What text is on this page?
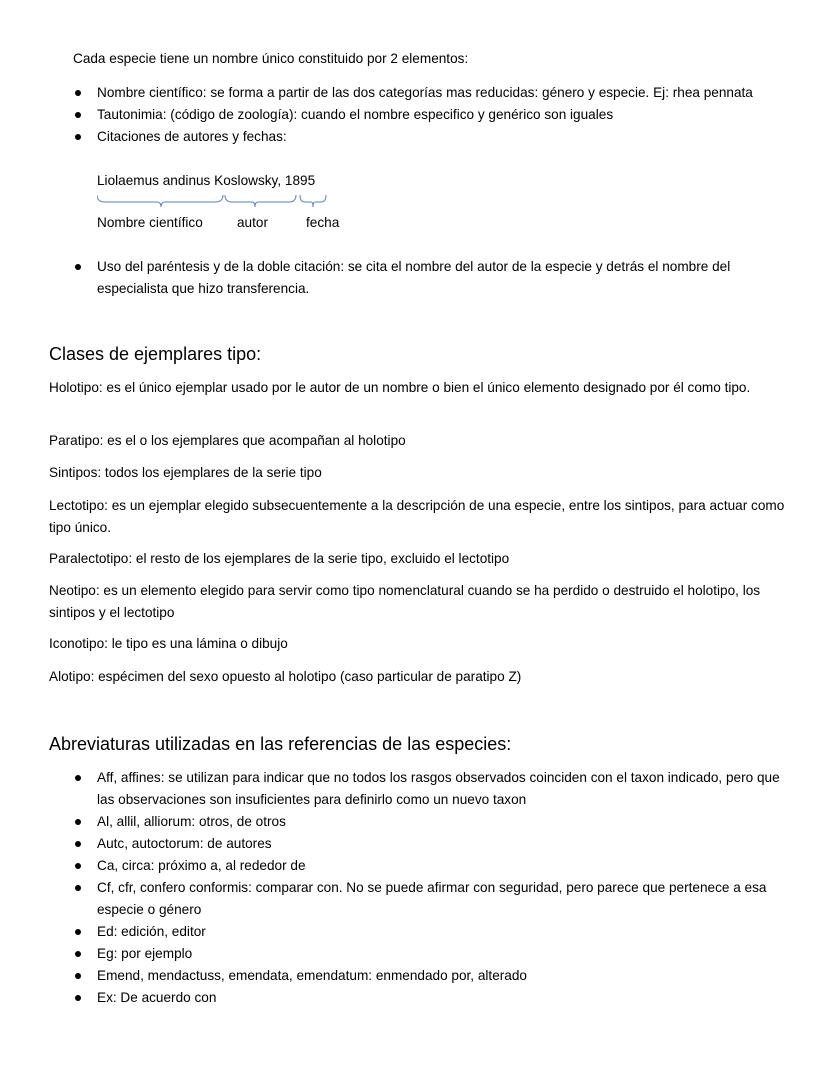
Cada especie tiene un nombre único constituido por 2 elementos:
Nombre científico: se forma a partir de las dos categorías mas reducidas: género y especie. Ej: rhea pennata
Tautonimia: (código de zoología): cuando el nombre especifico y genérico son iguales
Citaciones de autores y fechas:
Liolaemus andinus Koslowsky, 1895
Nombre científico	autor	fecha
Uso del paréntesis y de la doble citación: se cita el nombre del autor de la especie y detrás el nombre del especialista que hizo transferencia.
Clases de ejemplares tipo:

Holotipo: es el único ejemplar usado por le autor de un nombre o bien el único elemento designado por él como tipo.

Paratipo: es el o los ejemplares que acompañan al holotipo

Sintipos: todos los ejemplares de la serie tipo

Lectotipo: es un ejemplar elegido subsecuentemente a la descripción de una especie, entre los sintipos, para actuar como tipo único.

Paralectotipo: el resto de los ejemplares de la serie tipo, excluido el lectotipo

Neotipo: es un elemento elegido para servir como tipo nomenclatural cuando se ha perdido o destruido el holotipo, los sintipos y el lectotipo

Iconotipo: le tipo es una lámina o dibujo

Alotipo: espécimen del sexo opuesto al holotipo (caso particular de paratipo Z)

Abreviaturas utilizadas en las referencias de las especies:
Aff, affines: se utilizan para indicar que no todos los rasgos observados coinciden con el taxon indicado, pero que las observaciones son insuficientes para definirlo como un nuevo taxon
Al, allil, alliorum: otros, de otros
Autc, autoctorum: de autores
Ca, circa: próximo a, al rededor de
Cf, cfr, confero conformis: comparar con. No se puede afirmar con seguridad, pero parece que pertenece a esa especie o género
Ed: edición, editor
Eg: por ejemplo
Emend, mendactuss, emendata, emendatum: enmendado por, alterado
Ex: De acuerdo con
